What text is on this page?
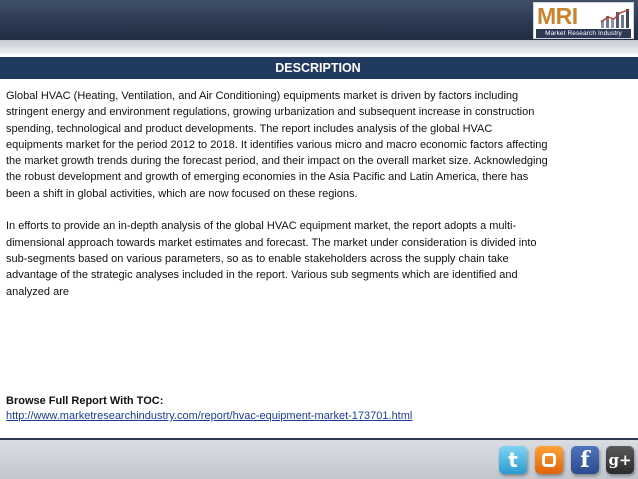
MRI
Market Research Industry
DESCRIPTION
Global HVAC (Heating, Ventilation, and Air Conditioning) equipments market is driven by factors including
stringent energy and environment regulations, growing urbanization and subsequent increase in construction
spending, technological and product developments. The report includes analysis of the global HVAC
equipments market for the period 2012 to 2018. It identifies various micro and macro economic factors affecting
the market growth trends during the forecast period, and their impact on the overall market size. Acknowledging
the robust development and growth of emerging economies in the Asia Pacific and Latin America, there has
been a shift in global activities, which are now focused on these regions.
In efforts to provide an in-depth analysis of the global HVAC equipment market, the report adopts a multi-
dimensional approach towards market estimates and forecast. The market under consideration is divided into
sub-segments based on various parameters, so as to enable stakeholders across the supply chain take
advantage of the strategic analyses included in the report. Various sub segments which are identified and
analyzed are
Browse Full Report With TOC:
http://www.marketresearchindustry.com/report/hvac-equipment-market-173701.html
t	f	g+
